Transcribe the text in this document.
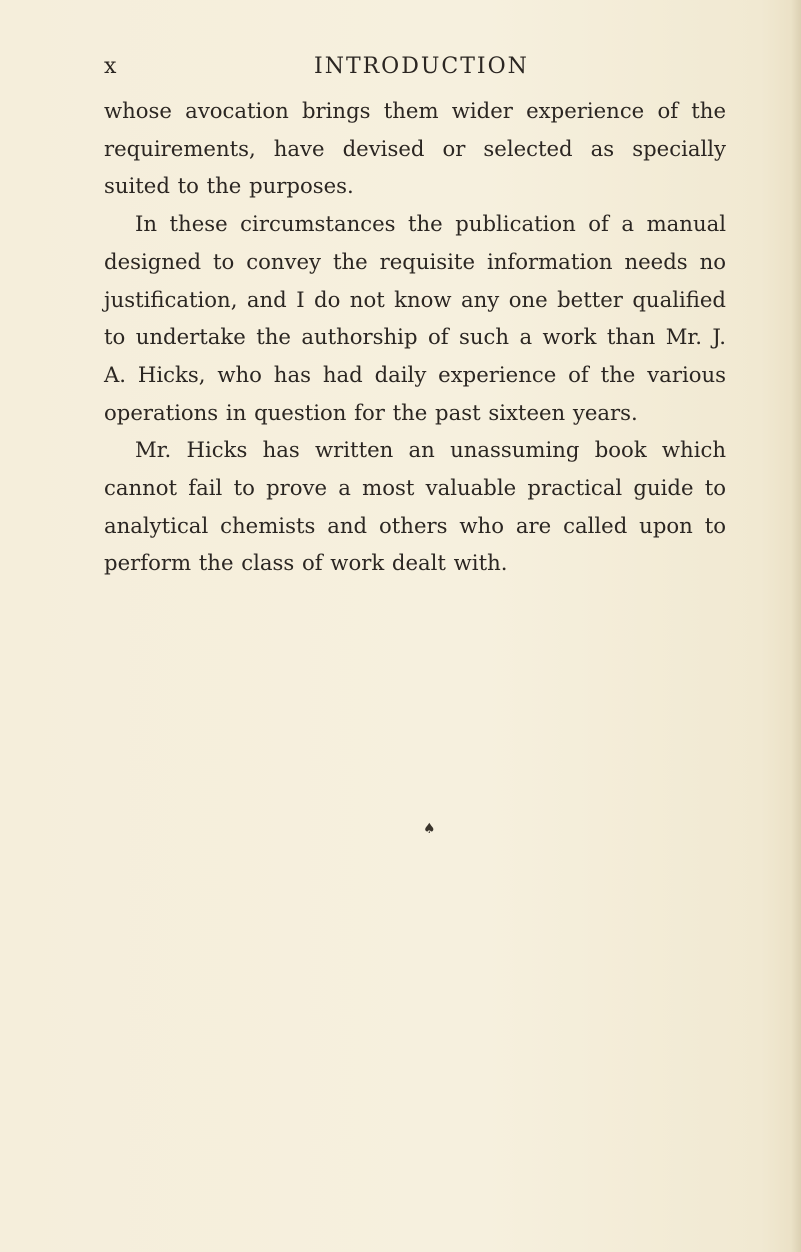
x	INTRODUCTION

whose avocation brings them wider experience of the requirements, have devised or selected as specially suited to the purposes.

In these circumstances the publication of a manual designed to convey the requisite information needs no justification, and I do not know any one better qualified to undertake the authorship of such a work than Mr. J. A. Hicks, who has had daily experience of the various operations in question for the past sixteen years.

Mr. Hicks has written an unassuming book which cannot fail to prove a most valuable practical guide to analytical chemists and others who are called upon to perform the class of work dealt with.

♠
